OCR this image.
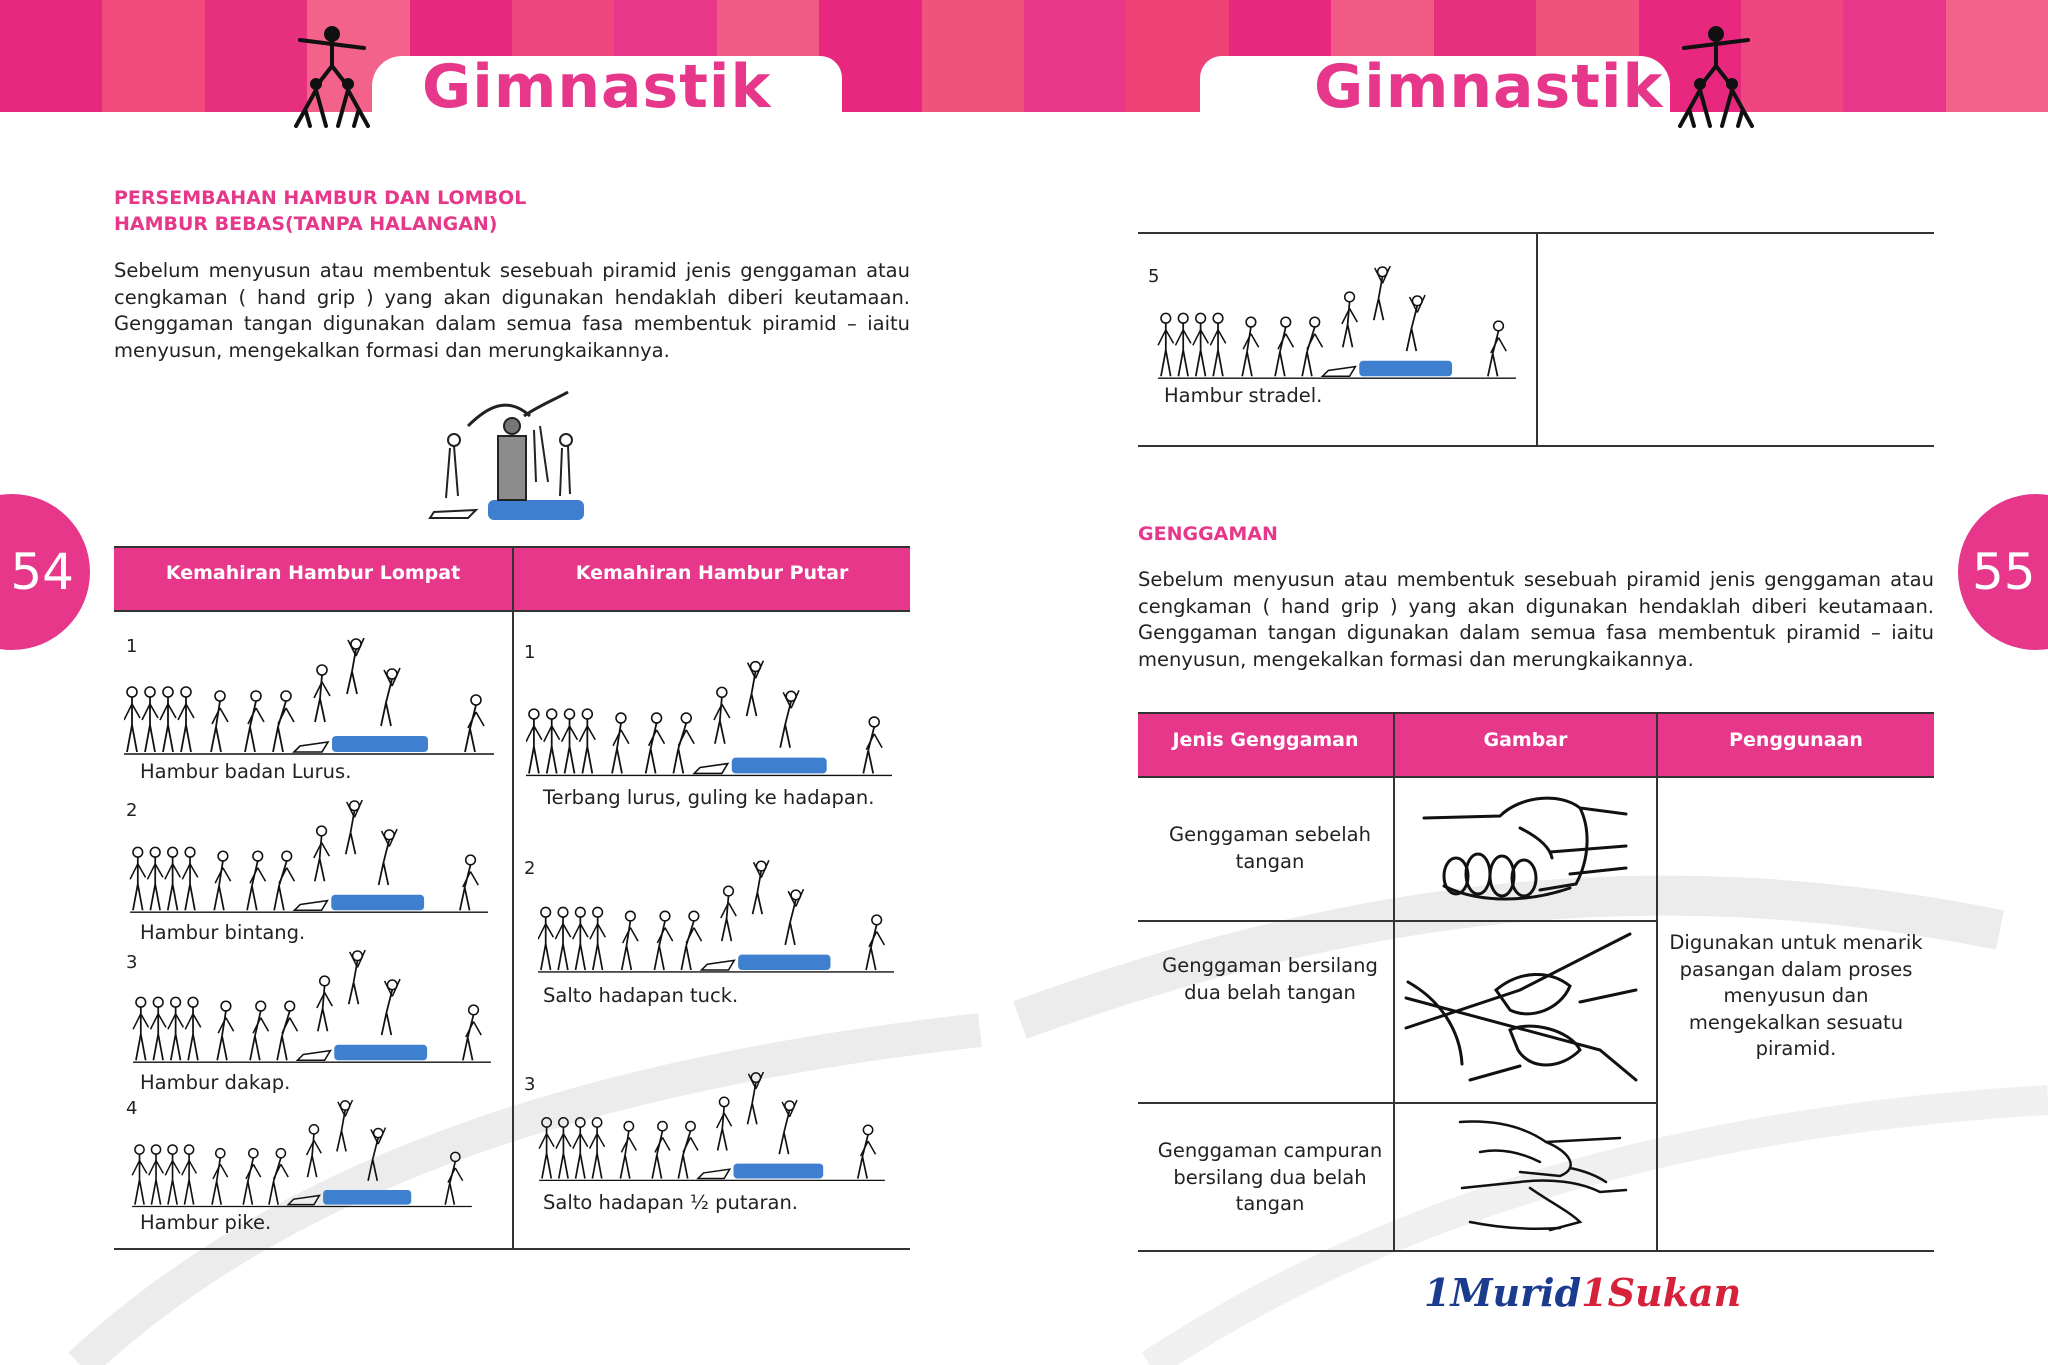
Gimnastik	Gimnastik
54	55
PERSEMBAHAN HAMBUR DAN LOMBOL
HAMBUR BEBAS(TANPA HALANGAN)
Sebelum menyusun atau membentuk sesebuah piramid jenis genggaman atau cengkaman ( hand grip ) yang akan digunakan hendaklah diberi keutamaan. Genggaman tangan digunakan dalam semua fasa membentuk piramid – iaitu menyusun, mengekalkan formasi dan merungkaikannya.
Kemahiran Hambur Lompat	Kemahiran Hambur Putar
1
Hambur badan Lurus.
2
Hambur bintang.
3
Hambur dakap.
4
Hambur pike.
1
Terbang lurus, guling ke hadapan.
2
Salto hadapan tuck.
3
Salto hadapan ½ putaran.
5
Hambur stradel.
GENGGAMAN
Sebelum menyusun atau membentuk sesebuah piramid jenis genggaman atau cengkaman ( hand grip ) yang akan digunakan hendaklah diberi keutamaan. Genggaman tangan digunakan dalam semua fasa membentuk piramid – iaitu menyusun, mengekalkan formasi dan merungkaikannya.
Jenis Genggaman	Gambar	Penggunaan
Genggaman sebelah tangan
Genggaman bersilang dua belah tangan
Genggaman campuran bersilang dua belah tangan
Digunakan untuk menarik pasangan dalam proses menyusun dan mengekalkan sesuatu piramid.
1Murid1Sukan
